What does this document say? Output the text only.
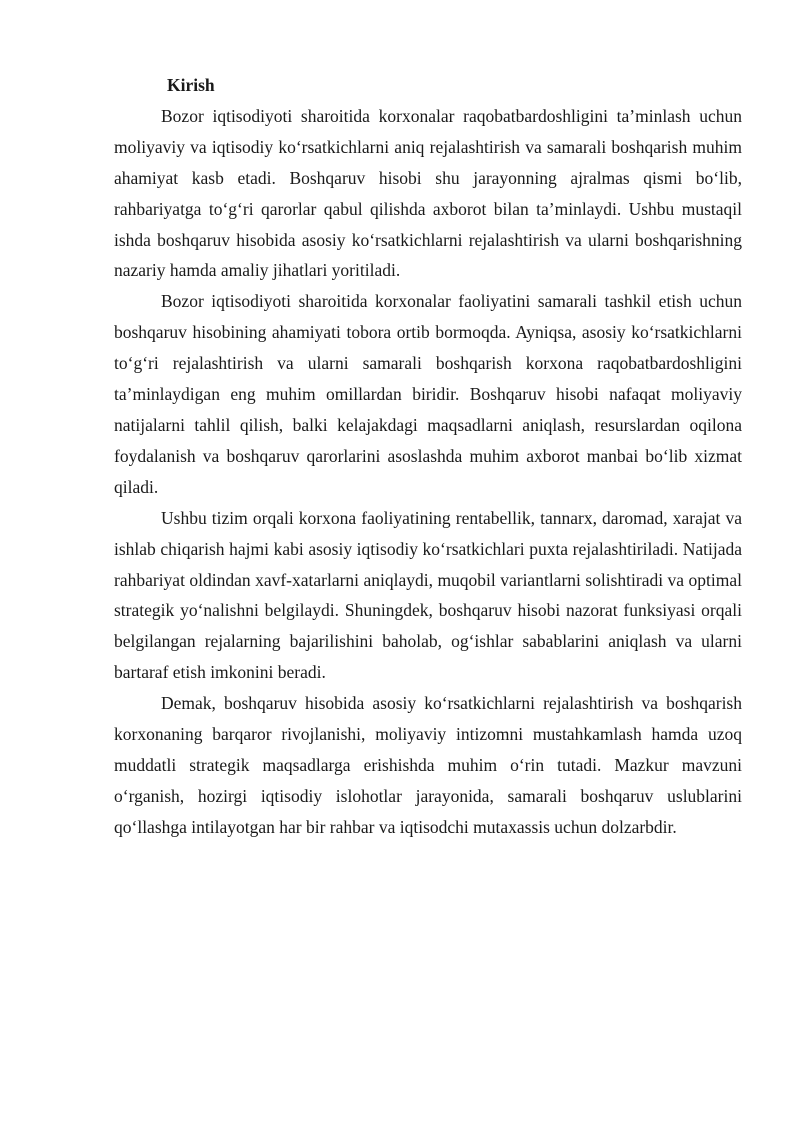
Kirish

Bozor iqtisodiyoti sharoitida korxonalar raqobatbardoshligini ta’minlash uchun moliyaviy va iqtisodiy ko‘rsatkichlarni aniq rejalashtirish va samarali boshqarish muhim ahamiyat kasb etadi. Boshqaruv hisobi shu jarayonning ajralmas qismi bo‘lib, rahbariyatga to‘g‘ri qarorlar qabul qilishda axborot bilan ta’minlaydi. Ushbu mustaqil ishda boshqaruv hisobida asosiy ko‘rsatkichlarni rejalashtirish va ularni boshqarishning nazariy hamda amaliy jihatlari yoritiladi.

Bozor iqtisodiyoti sharoitida korxonalar faoliyatini samarali tashkil etish uchun boshqaruv hisobining ahamiyati tobora ortib bormoqda. Ayniqsa, asosiy ko‘rsatkichlarni to‘g‘ri rejalashtirish va ularni samarali boshqarish korxona raqobatbardoshligini ta’minlaydigan eng muhim omillardan biridir. Boshqaruv hisobi nafaqat moliyaviy natijalarni tahlil qilish, balki kelajakdagi maqsadlarni aniqlash, resurslardan oqilona foydalanish va boshqaruv qarorlarini asoslashda muhim axborot manbai bo‘lib xizmat qiladi.

Ushbu tizim orqali korxona faoliyatining rentabellik, tannarx, daromad, xarajat va ishlab chiqarish hajmi kabi asosiy iqtisodiy ko‘rsatkichlari puxta rejalashtiriladi. Natijada rahbariyat oldindan xavf-xatarlarni aniqlaydi, muqobil variantlarni solishtiradi va optimal strategik yo‘nalishni belgilaydi. Shuningdek, boshqaruv hisobi nazorat funksiyasi orqali belgilangan rejalarning bajarilishini baholab, og‘ishlar sabablarini aniqlash va ularni bartaraf etish imkonini beradi.

Demak, boshqaruv hisobida asosiy ko‘rsatkichlarni rejalashtirish va boshqarish korxonaning barqaror rivojlanishi, moliyaviy intizomni mustahkamlash hamda uzoq muddatli strategik maqsadlarga erishishda muhim o‘rin tutadi. Mazkur mavzuni o‘rganish, hozirgi iqtisodiy islohotlar jarayonida, samarali boshqaruv uslublarini qo‘llashga intilayotgan har bir rahbar va iqtisodchi mutaxassis uchun dolzarbdir.
